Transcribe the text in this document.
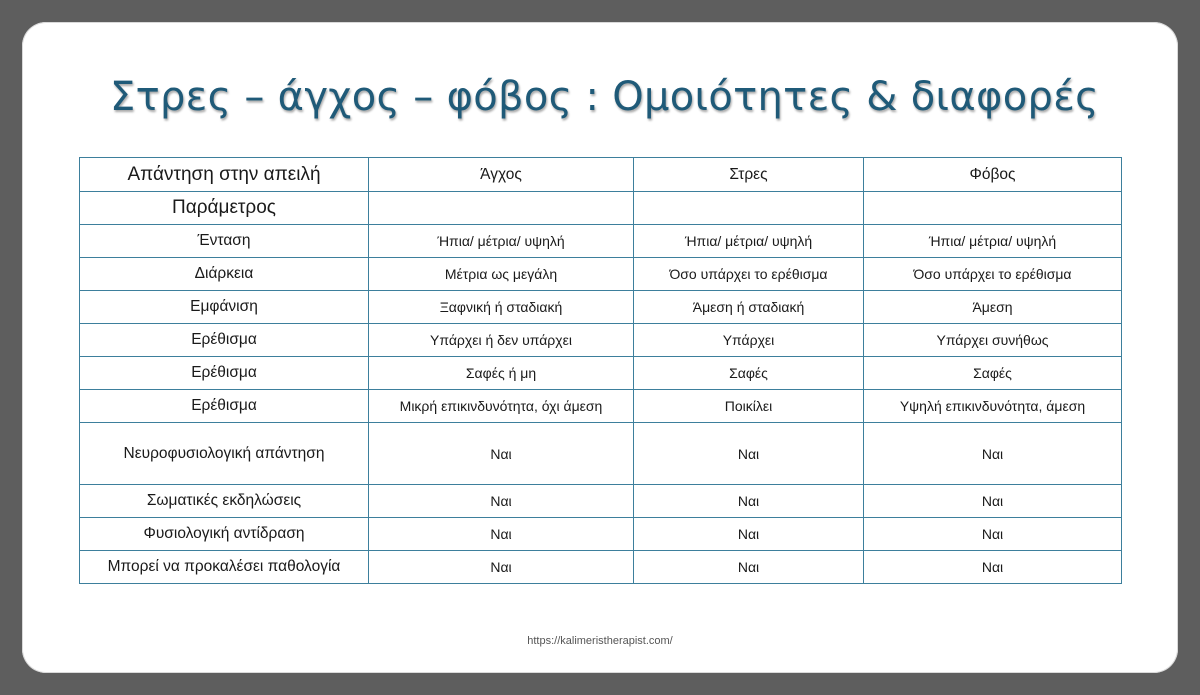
Στρες – άγχος – φόβος : Ομοιότητες & διαφορές
Απάντηση στην απειλή	Άγχος	Στρες	Φόβος
Παράμετρος			
Ένταση	Ήπια/ μέτρια/ υψηλή	Ήπια/ μέτρια/ υψηλή	Ήπια/ μέτρια/ υψηλή
Διάρκεια	Μέτρια ως μεγάλη	Όσο υπάρχει το ερέθισμα	Όσο υπάρχει το ερέθισμα
Εμφάνιση	Ξαφνική ή σταδιακή	Άμεση ή σταδιακή	Άμεση
Ερέθισμα	Υπάρχει ή δεν υπάρχει	Υπάρχει	Υπάρχει συνήθως
Ερέθισμα	Σαφές ή μη	Σαφές	Σαφές
Ερέθισμα	Μικρή επικινδυνότητα, όχι άμεση	Ποικίλει	Υψηλή επικινδυνότητα, άμεση
Νευροφυσιολογική απάντηση	Ναι	Ναι	Ναι
Σωματικές εκδηλώσεις	Ναι	Ναι	Ναι
Φυσιολογική αντίδραση	Ναι	Ναι	Ναι
Μπορεί να προκαλέσει παθολογία	Ναι	Ναι	Ναι
https://kalimeristherapist.com/
